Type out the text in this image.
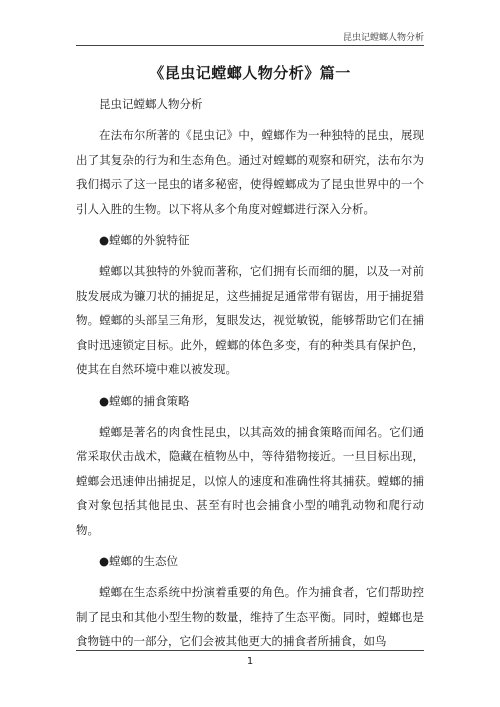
昆虫记螳螂人物分析
《昆虫记螳螂人物分析》篇一
昆虫记螳螂人物分析

在法布尔所著的《昆虫记》中，螳螂作为一种独特的昆虫，展现出了其复杂的行为和生态角色。通过对螳螂的观察和研究，法布尔为我们揭示了这一昆虫的诸多秘密，使得螳螂成为了昆虫世界中的一个引人入胜的生物。以下将从多个角度对螳螂进行深入分析。

●螳螂的外貌特征

螳螂以其独特的外貌而著称，它们拥有长而细的腿，以及一对前肢发展成为镰刀状的捕捉足，这些捕捉足通常带有锯齿，用于捕捉猎物。螳螂的头部呈三角形，复眼发达，视觉敏锐，能够帮助它们在捕食时迅速锁定目标。此外，螳螂的体色多变，有的种类具有保护色，使其在自然环境中难以被发现。

●螳螂的捕食策略

螳螂是著名的肉食性昆虫，以其高效的捕食策略而闻名。它们通常采取伏击战术，隐藏在植物丛中，等待猎物接近。一旦目标出现，螳螂会迅速伸出捕捉足，以惊人的速度和准确性将其捕获。螳螂的捕食对象包括其他昆虫、甚至有时也会捕食小型的哺乳动物和爬行动物。

●螳螂的生态位

螳螂在生态系统中扮演着重要的角色。作为捕食者，它们帮助控制了昆虫和其他小型生物的数量，维持了生态平衡。同时，螳螂也是食物链中的一部分，它们会被其他更大的捕食者所捕食，如鸟

1
